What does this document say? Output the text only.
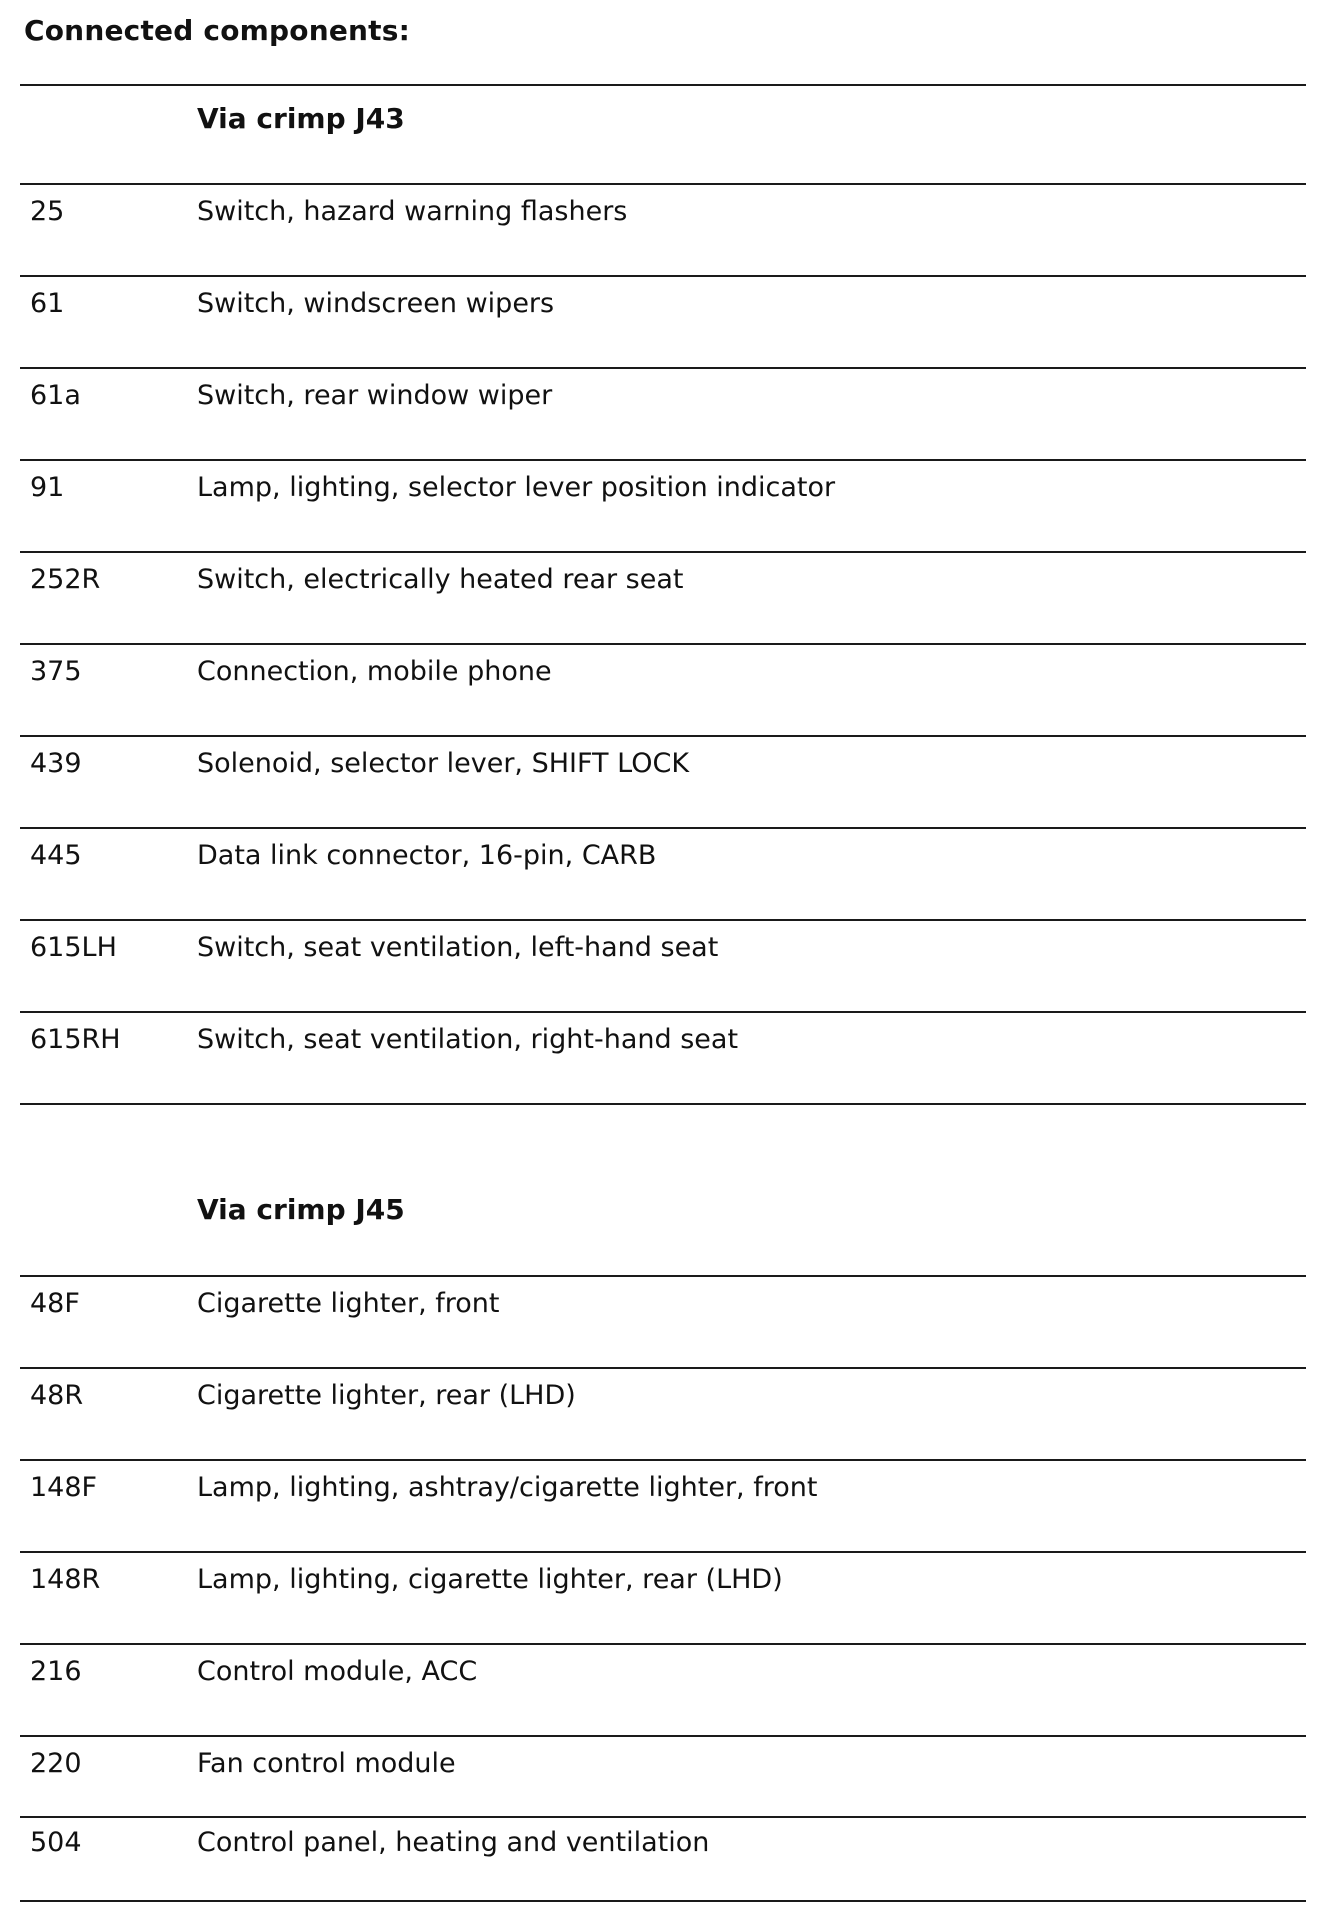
Connected components:
Via crimp J43
25	Switch, hazard warning flashers
61	Switch, windscreen wipers
61a	Switch, rear window wiper
91	Lamp, lighting, selector lever position indicator
252R	Switch, electrically heated rear seat
375	Connection, mobile phone
439	Solenoid, selector lever, SHIFT LOCK
445	Data link connector, 16-pin, CARB
615LH	Switch, seat ventilation, left-hand seat
615RH	Switch, seat ventilation, right-hand seat
Via crimp J45
48F	Cigarette lighter, front
48R	Cigarette lighter, rear (LHD)
148F	Lamp, lighting, ashtray/cigarette lighter, front
148R	Lamp, lighting, cigarette lighter, rear (LHD)
216	Control module, ACC
220	Fan control module
504	Control panel, heating and ventilation
